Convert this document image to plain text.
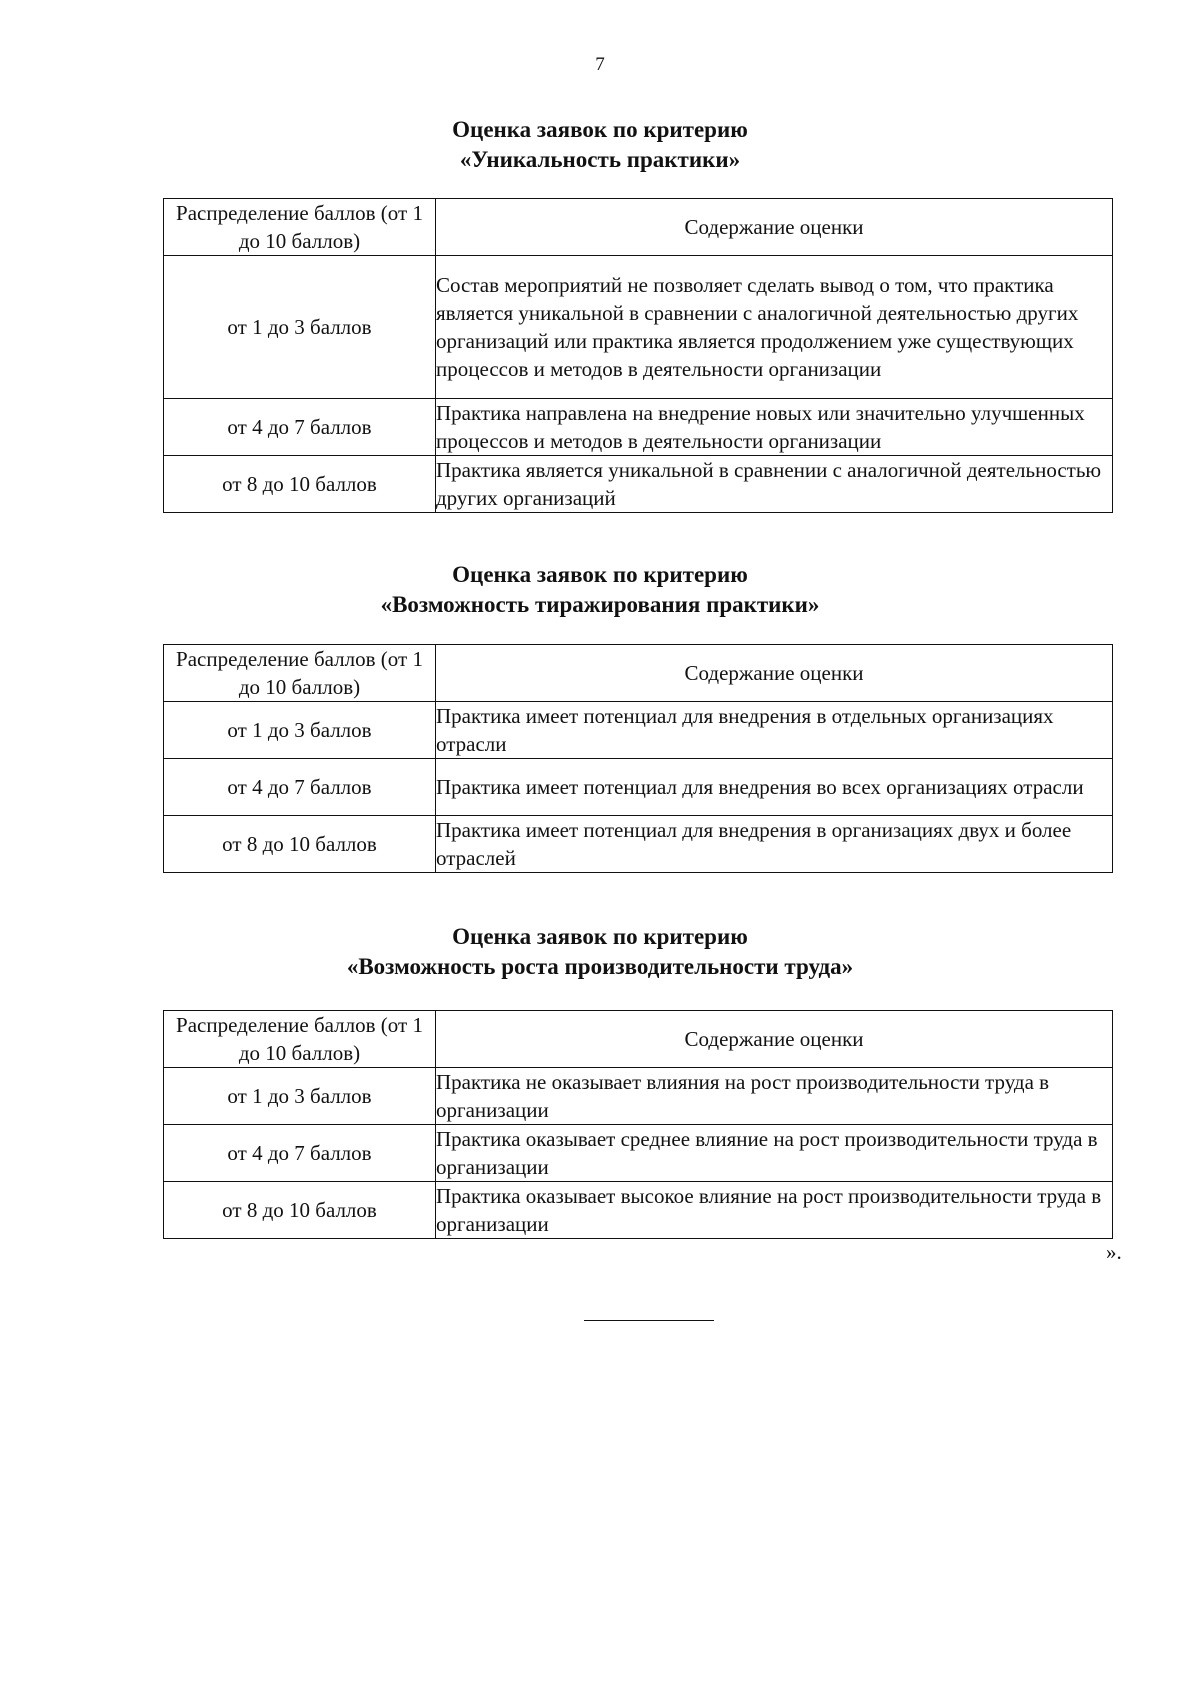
7
Оценка заявок по критерию
«Уникальность практики»
Распределение баллов (от 1 до 10 баллов)	Содержание оценки
от 1 до 3 баллов	Состав мероприятий не позволяет сделать вывод о том, что практика является уникальной в сравнении с аналогичной деятельностью других организаций или практика является продолжением уже существующих процессов и методов в деятельности организации
от 4 до 7 баллов	Практика направлена на внедрение новых или значительно улучшенных процессов и методов в деятельности организации
от 8 до 10 баллов	Практика является уникальной в сравнении с аналогичной деятельностью других организаций
Оценка заявок по критерию
«Возможность тиражирования практики»
Распределение баллов (от 1 до 10 баллов)	Содержание оценки
от 1 до 3 баллов	Практика имеет потенциал для внедрения в отдельных организациях отрасли
от 4 до 7 баллов	Практика имеет потенциал для внедрения во всех организациях отрасли
от 8 до 10 баллов	Практика имеет потенциал для внедрения в организациях двух и более отраслей
Оценка заявок по критерию
«Возможность роста производительности труда»
Распределение баллов (от 1 до 10 баллов)	Содержание оценки
от 1 до 3 баллов	Практика не оказывает влияния на рост производительности труда в организации
от 4 до 7 баллов	Практика оказывает среднее влияние на рост производительности труда в организации
от 8 до 10 баллов	Практика оказывает высокое влияние на рост производительности труда в организации
».
